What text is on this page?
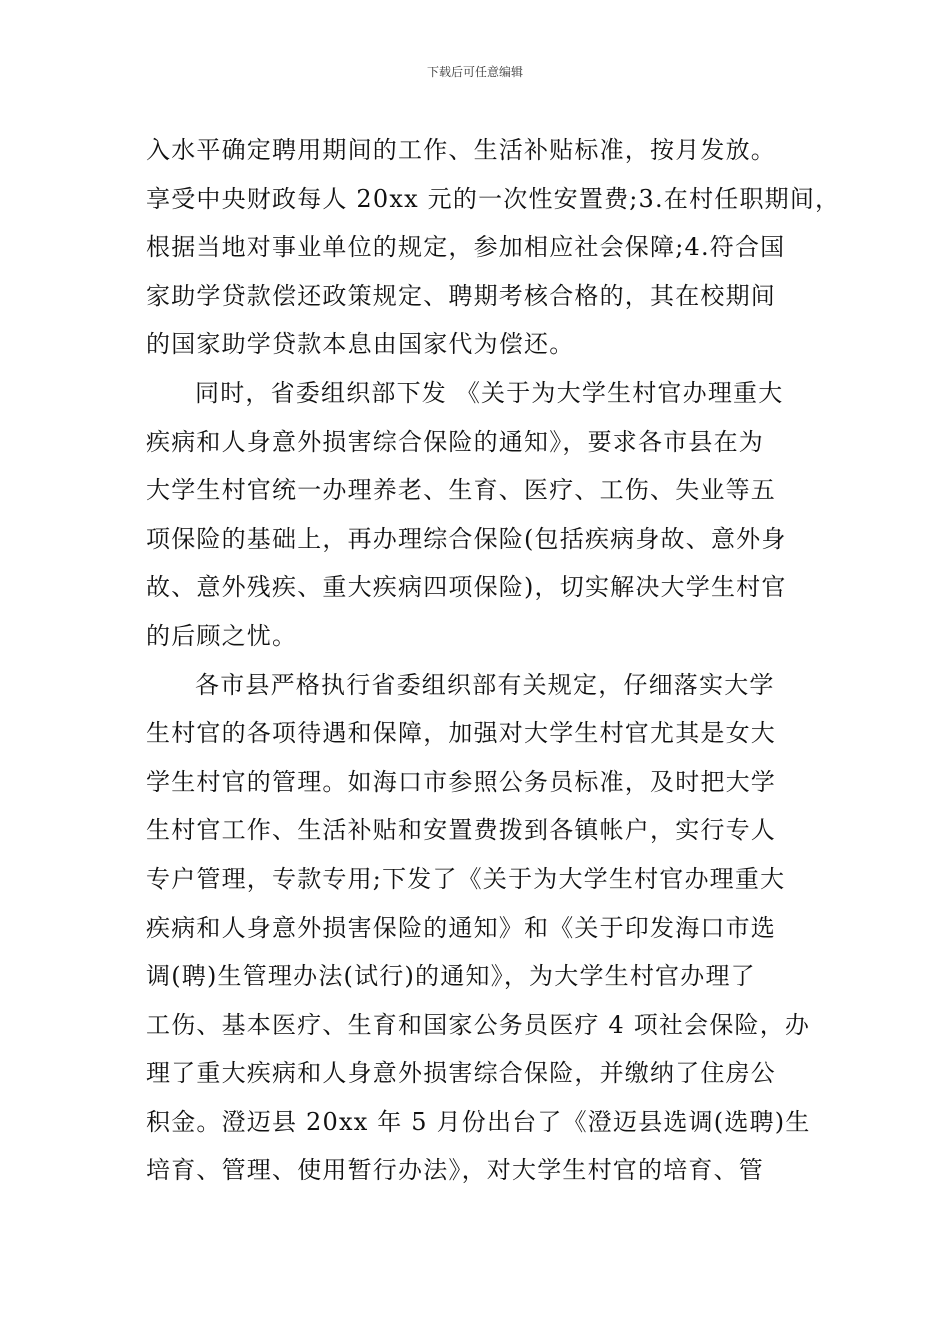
下载后可任意编辑
入水平确定聘用期间的工作、生活补贴标准，按月发放。
享受中央财政每人 20xx 元的一次性安置费;3.在村任职期间，
根据当地对事业单位的规定，参加相应社会保障;4.符合国
家助学贷款偿还政策规定、聘期考核合格的，其在校期间
的国家助学贷款本息由国家代为偿还。
同时，省委组织部下发 《关于为大学生村官办理重大
疾病和人身意外损害综合保险的通知》，要求各市县在为
大学生村官统一办理养老、生育、医疗、工伤、失业等五
项保险的基础上，再办理综合保险(包括疾病身故、意外身
故、意外残疾、重大疾病四项保险)，切实解决大学生村官
的后顾之忧。
各市县严格执行省委组织部有关规定，仔细落实大学
生村官的各项待遇和保障，加强对大学生村官尤其是女大
学生村官的管理。如海口市参照公务员标准，及时把大学
生村官工作、生活补贴和安置费拨到各镇帐户，实行专人
专户管理，专款专用;下发了《关于为大学生村官办理重大
疾病和人身意外损害保险的通知》和《关于印发海口市选
调(聘)生管理办法(试行)的通知》，为大学生村官办理了
工伤、基本医疗、生育和国家公务员医疗 4 项社会保险，办
理了重大疾病和人身意外损害综合保险，并缴纳了住房公
积金。澄迈县 20xx 年 5 月份出台了《澄迈县选调(选聘)生
培育、管理、使用暂行办法》，对大学生村官的培育、管
